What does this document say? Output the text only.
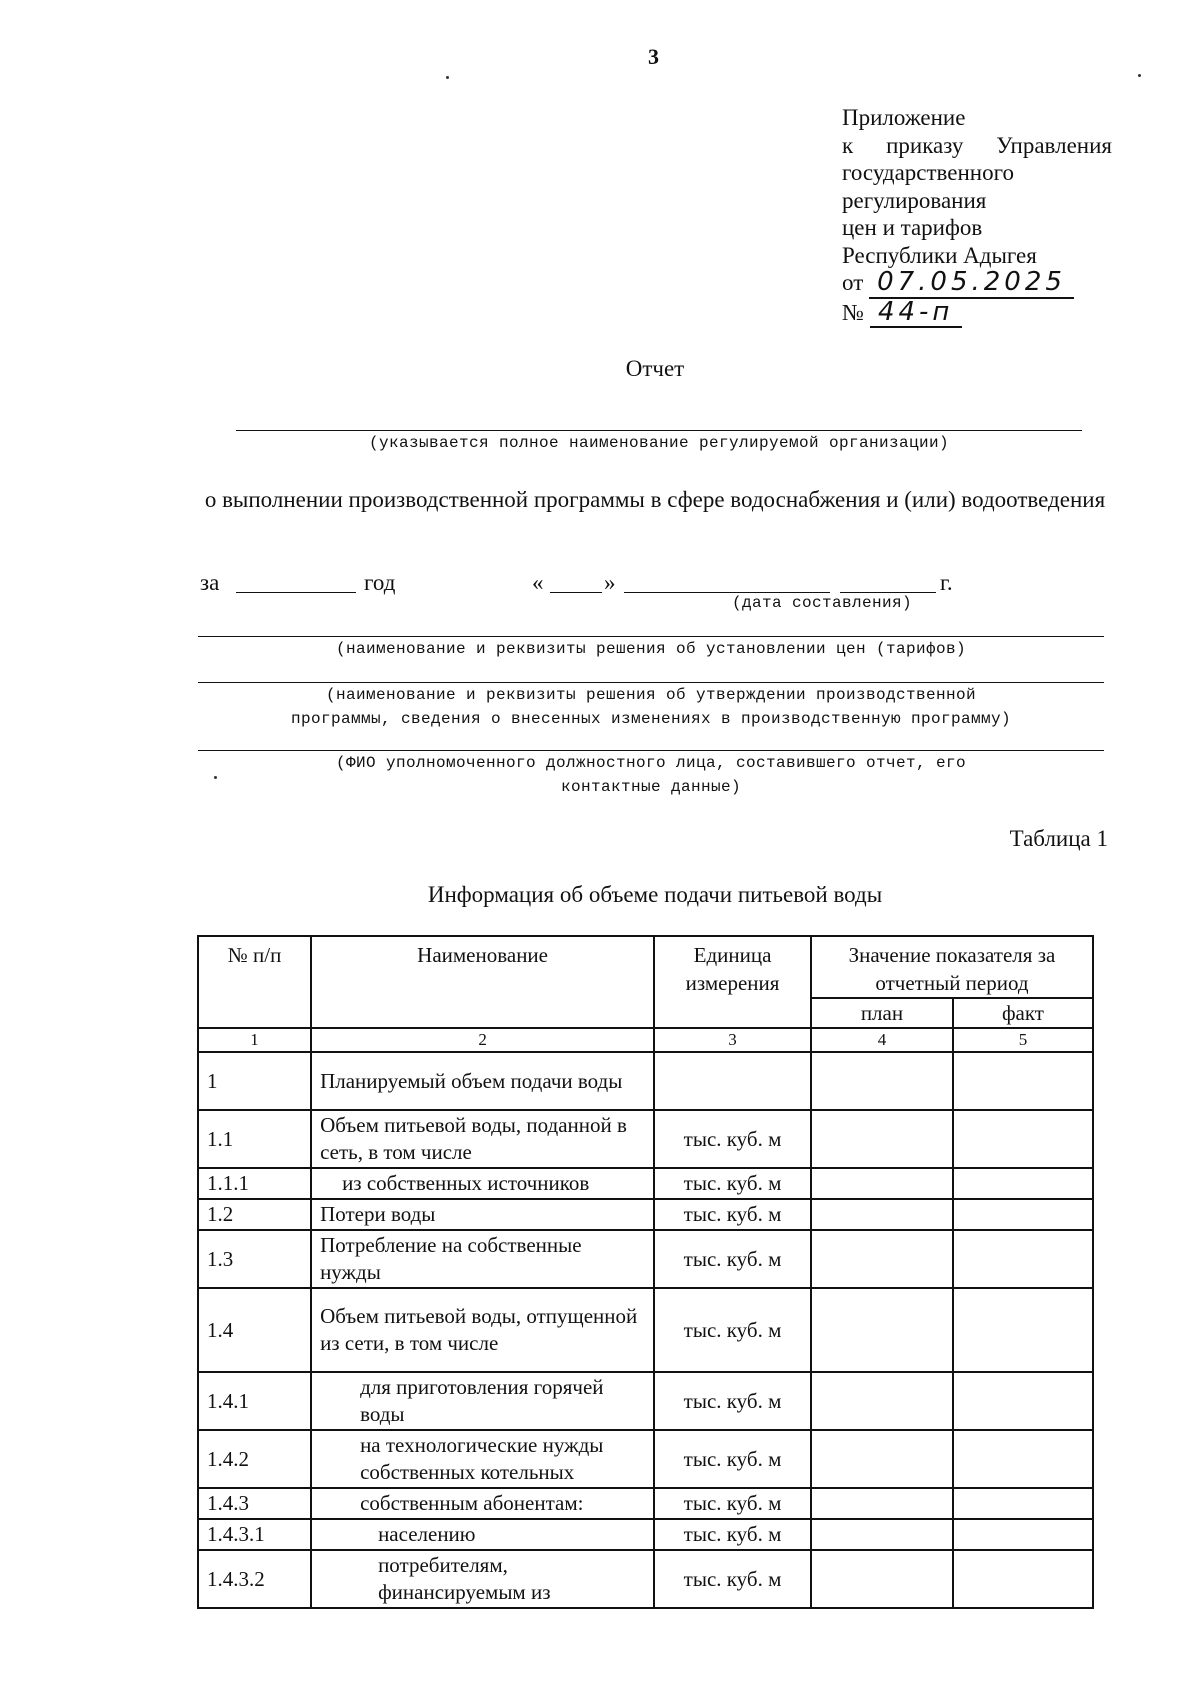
3
Приложение
к приказу Управления
государственного
регулирования
цен и тарифов
Республики Адыгея
от 07.05.2025
№ 44-п
Отчет
(указывается полное наименование регулируемой организации)
о выполнении производственной программы в сфере водоснабжения и (или) водоотведения
за	год	«	»	г.
(дата составления)
(наименование и реквизиты решения об установлении цен (тарифов)
(наименование и реквизиты решения об утверждении производственной
программы, сведения о внесенных изменениях в производственную программу)
(ФИО уполномоченного должностного лица, составившего отчет, его
контактные данные)
Таблица 1
Информация об объеме подачи питьевой воды
№ п/п	Наименование	Единица измерения	Значение показателя за отчетный период	
			план	факт
1	2	3	4	5
1	Планируемый объем подачи воды			
1.1	Объем питьевой воды, поданной в сеть, в том числе	тыс. куб. м		
1.1.1	из собственных источников	тыс. куб. м		
1.2	Потери воды	тыс. куб. м		
1.3	Потребление на собственные нужды	тыс. куб. м		
1.4	Объем питьевой воды, отпущенной из сети, в том числе	тыс. куб. м		
1.4.1	для приготовления горячей воды	тыс. куб. м		
1.4.2	на технологические нужды собственных котельных	тыс. куб. м		
1.4.3	собственным абонентам:	тыс. куб. м		
1.4.3.1	населению	тыс. куб. м		
1.4.3.2	потребителям, финансируемым из	тыс. куб. м		
